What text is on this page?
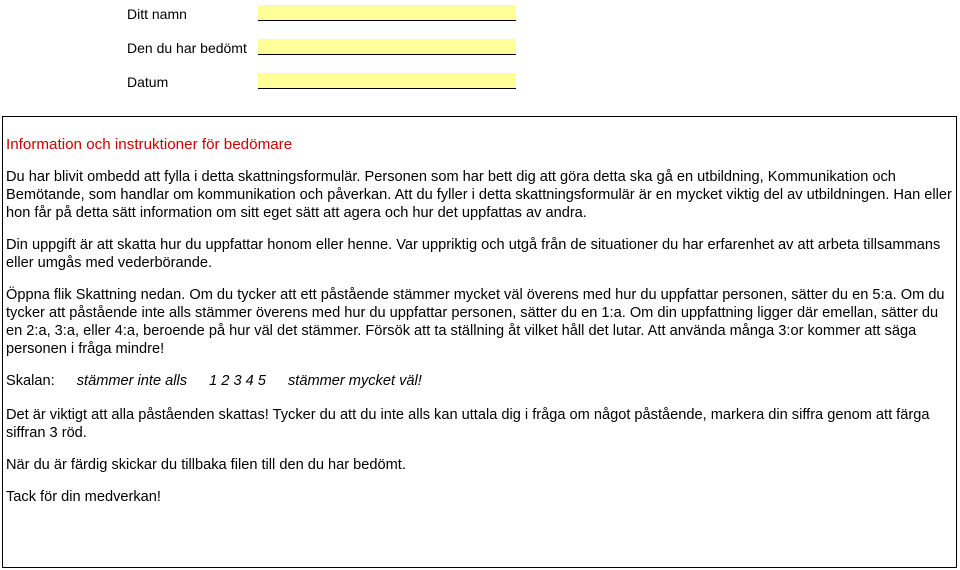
Ditt namn
Den du har bedömt
Datum
Information och instruktioner för bedömare

Du har blivit ombedd att fylla i detta skattningsformulär. Personen som har bett dig att göra detta ska gå en utbildning, Kommunikation och Bemötande, som handlar om kommunikation och påverkan. Att du fyller i detta skattningsformulär är en mycket viktig del av utbildningen. Han eller hon får på detta sätt information om sitt eget sätt att agera och hur det uppfattas av andra.

Din uppgift är att skatta hur du uppfattar honom eller henne. Var uppriktig och utgå från de situationer du har erfarenhet av att arbeta tillsammans eller umgås med vederbörande.

Öppna flik Skattning nedan. Om du tycker att ett påstående stämmer mycket väl överens med hur du uppfattar personen, sätter du en 5:a. Om du tycker att påstående inte alls stämmer överens med hur du uppfattar personen, sätter du en 1:a. Om din uppfattning ligger där emellan, sätter du en 2:a, 3:a, eller 4:a, beroende på hur väl det stämmer. Försök att ta ställning åt vilket håll det lutar. Att använda många 3:or kommer att säga personen i fråga mindre!

Skalan: stämmer inte alls 1 2 3 4 5 stämmer mycket väl!

Det är viktigt att alla påståenden skattas! Tycker du att du inte alls kan uttala dig i fråga om något påstående, markera din siffra genom att färga siffran 3 röd.

När du är färdig skickar du tillbaka filen till den du har bedömt.

Tack för din medverkan!
